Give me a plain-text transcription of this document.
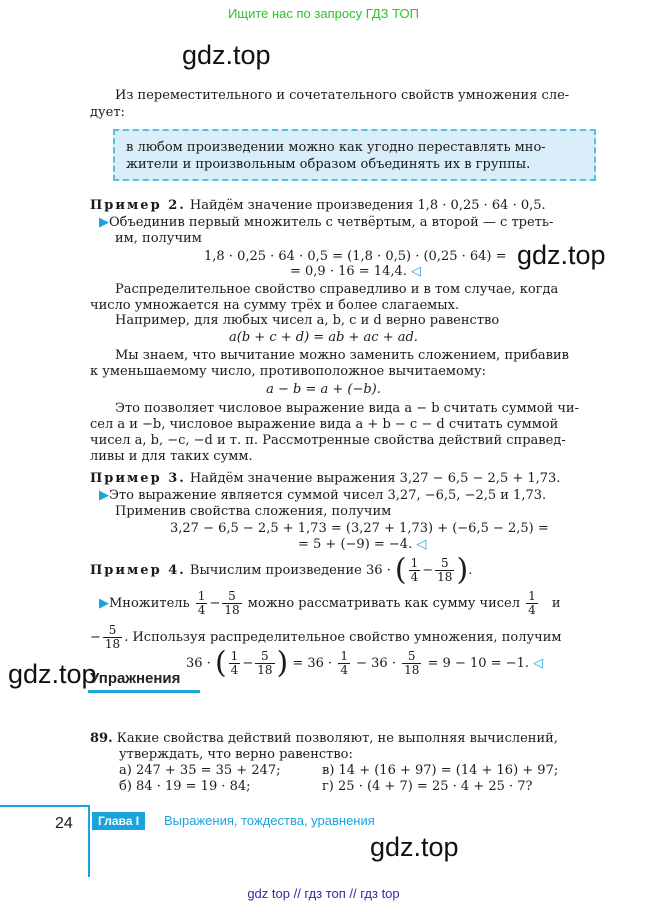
Ищите нас по запросу ГДЗ ТОП
gdz.top
gdz.top
gdz.top
gdz.top
Из переместительного и сочетательного свойств умножения сле-
дует:
в любом произведении можно как угодно переставлять мно-
жители и произвольным образом объединять их в группы.
Пример 2. Найдём значение произведения 1,8 · 0,25 · 64 · 0,5.
▶Объединив первый множитель с четвёртым, а второй — с треть-
им, получим
1,8 · 0,25 · 64 · 0,5 = (1,8 · 0,5) · (0,25 · 64) =
= 0,9 · 16 = 14,4. ◁
Распределительное свойство справедливо и в том случае, когда
число умножается на сумму трёх и более слагаемых.
Например, для любых чисел a, b, c и d верно равенство
a(b + c + d) = ab + ac + ad.
Мы знаем, что вычитание можно заменить сложением, прибавив
к уменьшаемому число, противоположное вычитаемому:
a − b = a + (−b).
Это позволяет числовое выражение вида a − b считать суммой чи-
сел a и −b, числовое выражение вида a + b − c − d считать суммой
чисел a, b, −c, −d и т. п. Рассмотренные свойства действий справед-
ливы и для таких сумм.
Пример 3. Найдём значение выражения 3,27 − 6,5 − 2,5 + 1,73.
▶Это выражение является суммой чисел 3,27, −6,5, −2,5 и 1,73.
Применив свойства сложения, получим
3,27 − 6,5 − 2,5 + 1,73 = (3,27 + 1,73) + (−6,5 − 2,5) =
= 5 + (−9) = −4. ◁
Пример 4. Вычислим произведение 36 · ( $\frac{1}{4} - \frac{5}{18}$ ).
▶Множитель $\frac{1}{4} - \frac{5}{18}$ можно рассматривать как сумму чисел $\frac{1}{4}$ и
− $\frac{5}{18}$ . Используя распределительное свойство умножения, получим
36 · ( $\frac{1}{4} - \frac{5}{18}$ ) = $36 \cdot \frac{1}{4} - 36 \cdot \frac{5}{18} = 9 - 10 = -1$. ◁
Упражнения
89. Какие свойства действий позволяют, не выполняя вычислений,
утверждать, что верно равенство:
а) 247 + 35 = 35 + 247;	в) 14 + (16 + 97) = (14 + 16) + 97;
б) 84 · 19 = 19 · 84;	г) 25 · (4 + 7) = 25 · 4 + 25 · 7?
24	Глава I	Выражения, тождества, уравнения
gdz top // гдз топ // гдз top
